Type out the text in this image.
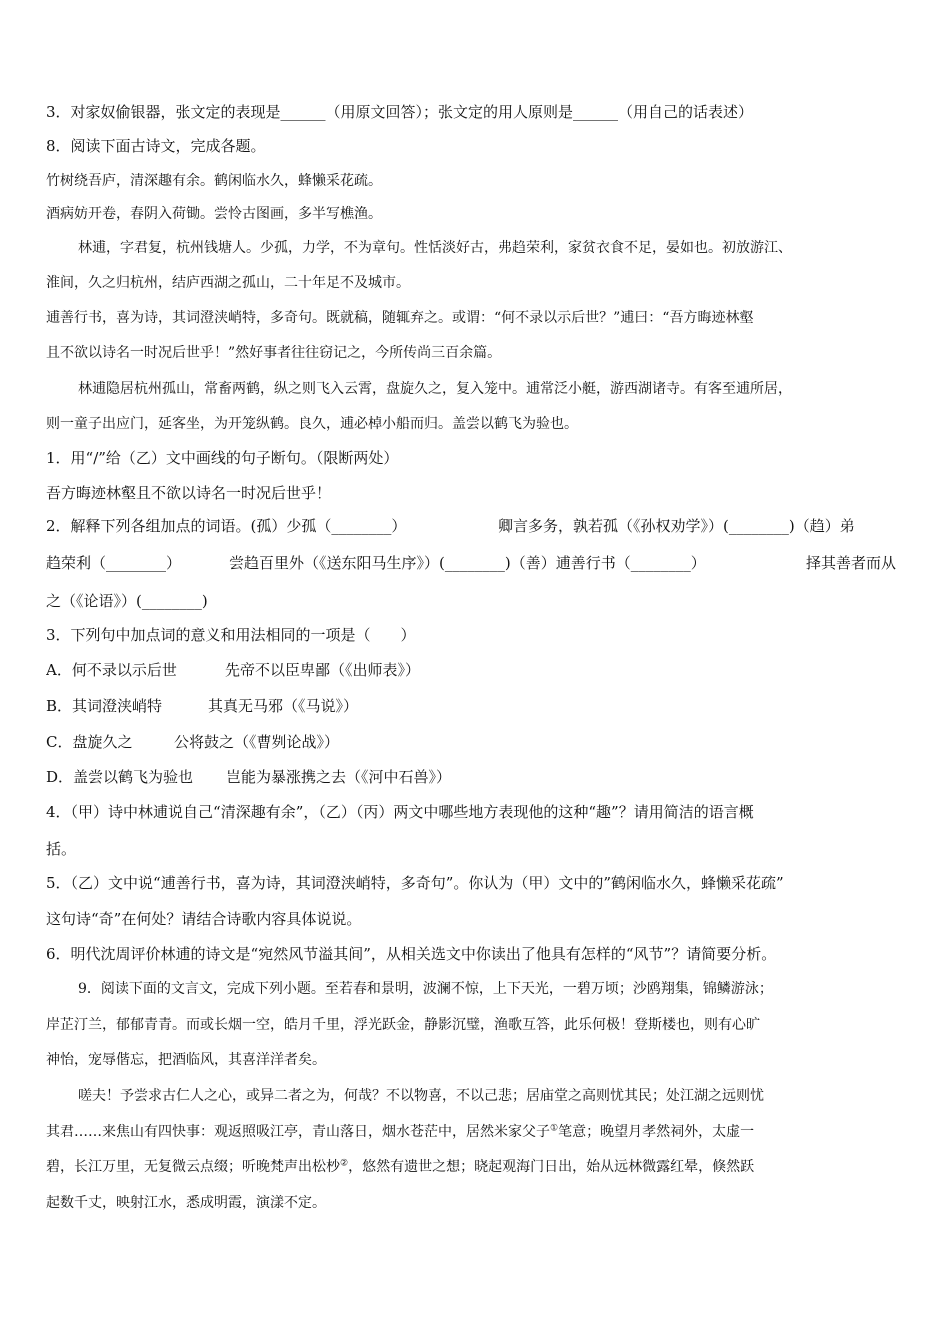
3．对家奴偷银器，张文定的表现是______（用原文回答）；张文定的用人原则是______（用自己的话表述）
8．阅读下面古诗文，完成各题。
竹树绕吾庐，清深趣有余。鹤闲临水久，蜂懒采花疏。
酒病妨开卷，春阴入荷锄。尝怜古图画，多半写樵渔。
林逋，字君复，杭州钱塘人。少孤，力学，不为章句。性恬淡好古，弗趋荣利，家贫衣食不足，晏如也。初放游江、
淮间，久之归杭州，结庐西湖之孤山，二十年足不及城市。
逋善行书，喜为诗，其词澄浃峭特，多奇句。既就稿，随辄弃之。或谓：“何不录以示后世？”逋曰：“吾方晦迹林壑
且不欲以诗名一时况后世乎！”然好事者往往窃记之，今所传尚三百余篇。
林逋隐居杭州孤山，常畜两鹤，纵之则飞入云霄，盘旋久之，复入笼中。逋常泛小艇，游西湖诸寺。有客至逋所居，
则一童子出应门，延客坐，为开笼纵鹤。良久，逋必棹小船而归。盖尝以鹤飞为验也。
1．用“/”给（乙）文中画线的句子断句。（限断两处）
吾方晦迹林壑且不欲以诗名一时况后世乎！
2．解释下列各组加点的词语。(孤）少孤（________）	卿言多务，孰若孤（《孙权劝学》）(________)（趋）弟
趋荣利（________）	尝趋百里外（《送东阳马生序》）(________)（善）逋善行书（________）	择其善者而从
之（《论语》）(________)
3．下列句中加点词的意义和用法相同的一项是（　　）
A．何不录以示后世	先帝不以臣卑鄙（《出师表》）
B．其词澄浃峭特	其真无马邪（《马说》）
C．盘旋久之	公将鼓之（《曹刿论战》）
D．盖尝以鹤飞为验也	岂能为暴涨携之去（《河中石兽》）
4．（甲）诗中林逋说自己“清深趣有余”，（乙）（丙）两文中哪些地方表现他的这种“趣”？请用简洁的语言概
括。
5．（乙）文中说“逋善行书，喜为诗，其词澄浃峭特，多奇句”。你认为（甲）文中的”鹤闲临水久，蜂懒采花疏”
这句诗“奇”在何处？请结合诗歌内容具体说说。
6．明代沈周评价林逋的诗文是“宛然风节溢其间”，从相关选文中你读出了他具有怎样的“风节”？请简要分析。
9．阅读下面的文言文，完成下列小题。至若春和景明，波澜不惊，上下天光，一碧万顷；沙鸥翔集，锦鳞游泳；
岸芷汀兰，郁郁青青。而或长烟一空，皓月千里，浮光跃金，静影沉璧，渔歌互答，此乐何极！登斯楼也，则有心旷
神怡，宠辱偕忘，把酒临风，其喜洋洋者矣。
嗟夫！予尝求古仁人之心，或异二者之为，何哉？不以物喜，不以己悲；居庙堂之高则忧其民；处江湖之远则忧
其君……来焦山有四快事：观返照吸江亭，青山落日，烟水苍茫中，居然米家父子①笔意；晚望月孝然祠外，太虚一
碧，长江万里，无复微云点缀；听晚梵声出松杪②，悠然有遗世之想；晓起观海门日出，始从远林微露红晕，倏然跃
起数千丈，映射江水，悉成明霞，演漾不定。
